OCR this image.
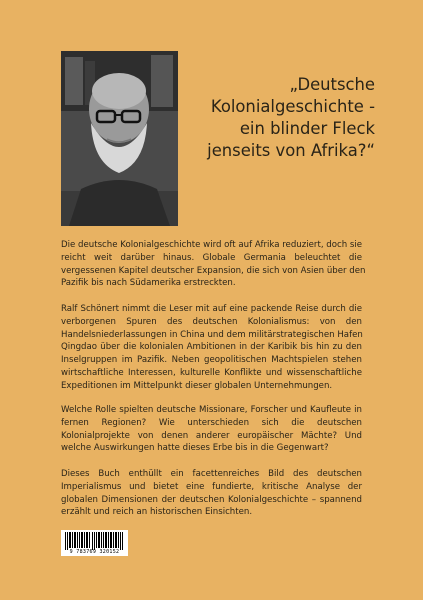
„Deutsche
Kolonialgeschichte -
ein blinder Fleck
jenseits von Afrika?“
Die deutsche Kolonialgeschichte wird oft auf Afrika reduziert, doch sie
reicht weit darüber hinaus. Globale Germania beleuchtet die
vergessenen Kapitel deutscher Expansion, die sich von Asien über den
Pazifik bis nach Südamerika erstreckten.
Ralf Schönert nimmt die Leser mit auf eine packende Reise durch die
verborgenen Spuren des deutschen Kolonialismus: von den
Handelsniederlassungen in China und dem militärstrategischen Hafen
Qingdao über die kolonialen Ambitionen in der Karibik bis hin zu den
Inselgruppen im Pazifik. Neben geopolitischen Machtspielen stehen
wirtschaftliche Interessen, kulturelle Konflikte und wissenschaftliche
Expeditionen im Mittelpunkt dieser globalen Unternehmungen.
Welche Rolle spielten deutsche Missionare, Forscher und Kaufleute in
fernen Regionen? Wie unterschieden sich die deutschen
Kolonialprojekte von denen anderer europäischer Mächte? Und
welche Auswirkungen hatte dieses Erbe bis in die Gegenwart?
Dieses Buch enthüllt ein facettenreiches Bild des deutschen
Imperialismus und bietet eine fundierte, kritische Analyse der
globalen Dimensionen der deutschen Kolonialgeschichte – spannend
erzählt und reich an historischen Einsichten.
9 783769 320152
